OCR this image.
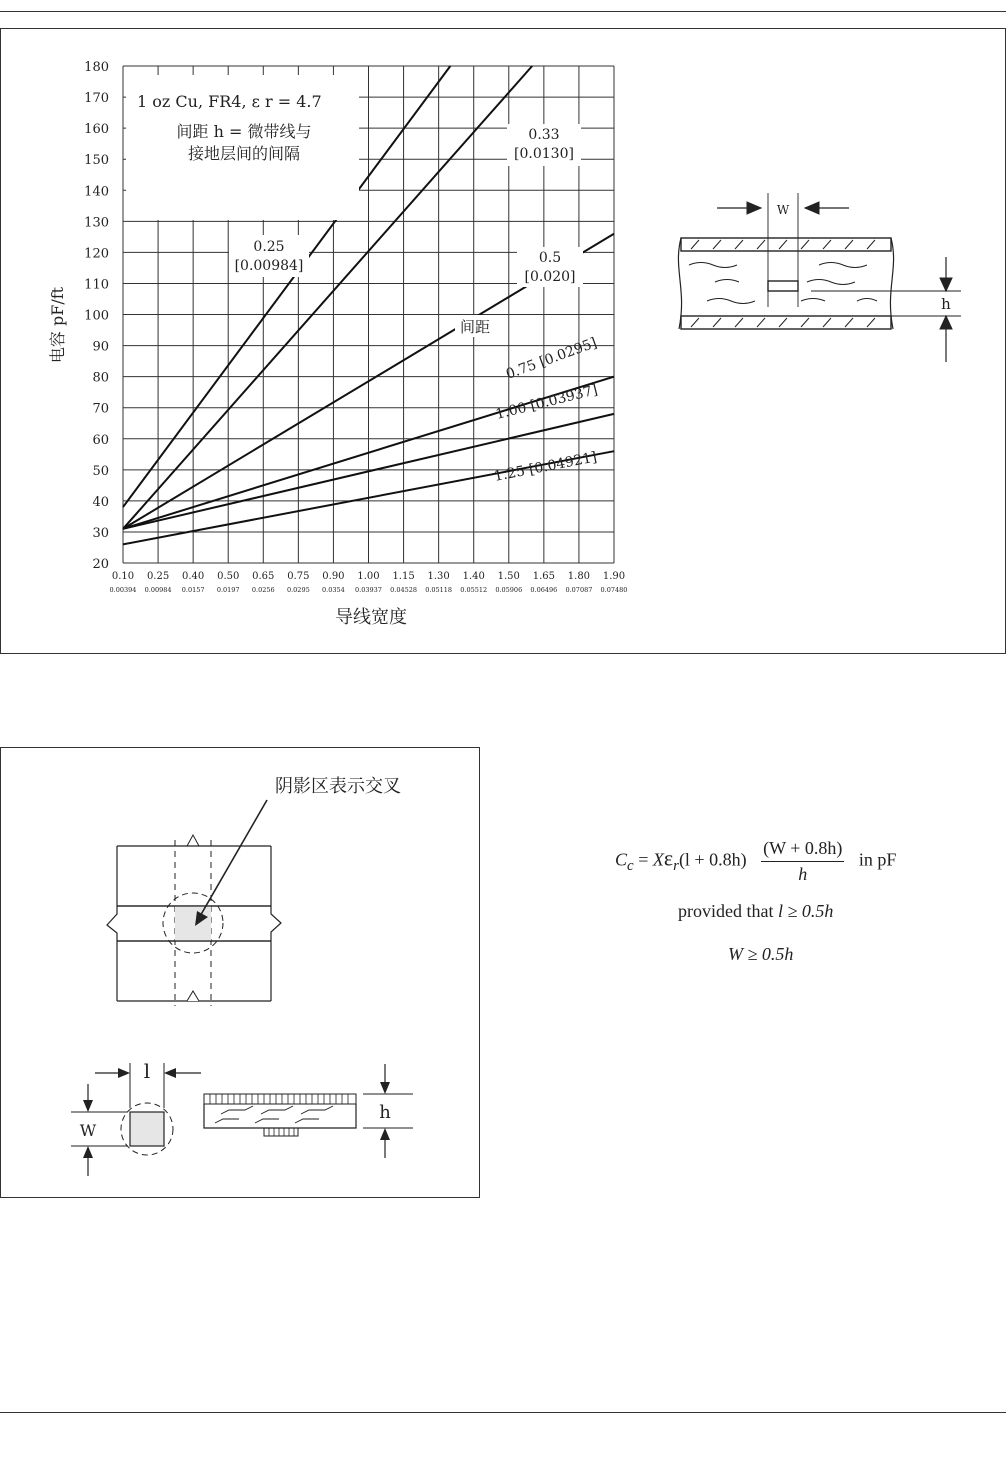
20
30
40
50
60
70
80
90
100
110
120
130
140
150
160
170
180
0.10
0.00394
0.25
0.00984
0.40
0.0157
0.50
0.0197
0.65
0.0256
0.75
0.0295
0.90
0.0354
1.00
0.03937
1.15
0.04528
1.30
0.05118
1.40
0.05512
1.50
0.05906
1.65
0.06496
1.80
0.07087
1.90
0.07480
1 oz Cu, FR4, ε r = 4.7
间距 h = 微带线与
接地层间的间隔
0.25
[0.00984]
0.33
[0.0130]
0.5
[0.020]
间距
0.75 [0.0295]
1.00 [0.03937]
1.25 [0.04921]
电容 pF/ft
导线宽度
W
h
阴影区表示交叉
l
W
h
$C_c = X\varepsilon_r(l + 0.8h) \frac{(W + 0.8h)}{h}$ in pF
provided that l ≥ 0.5h
W ≥ 0.5h
